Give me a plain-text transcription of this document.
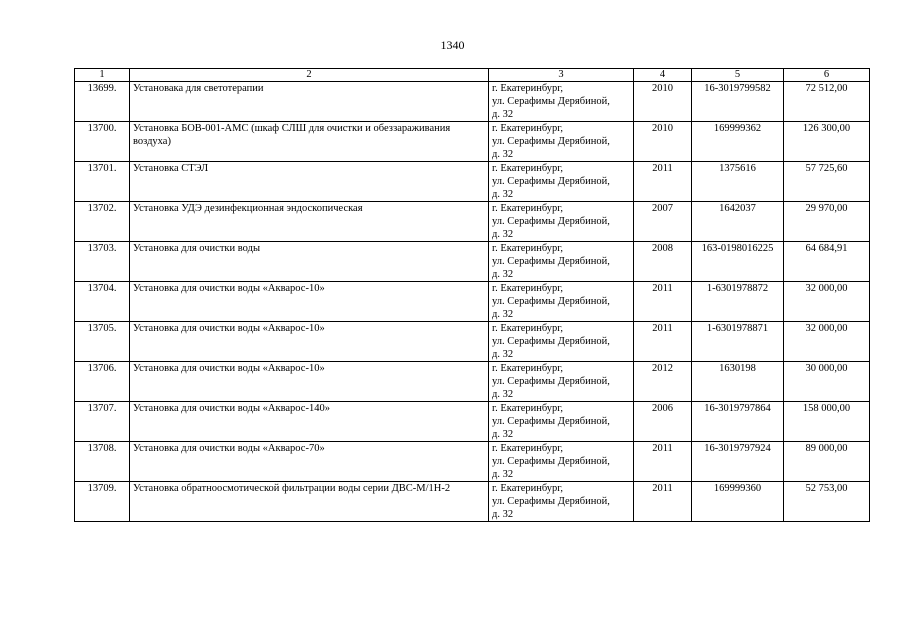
1340
1	2	3	4	5	6
13699.	Установака для светотерапии	г. Екатеринбург,
ул. Серафимы Дерябиной,
д. 32	2010	16-3019799582	72 512,00
13700.	Установка БОВ-001-АМС (шкаф СЛШ для очистки и обеззараживания воздуха)	г. Екатеринбург,
ул. Серафимы Дерябиной,
д. 32	2010	169999362	126 300,00
13701.	Установка СТЭЛ	г. Екатеринбург,
ул. Серафимы Дерябиной,
д. 32	2011	1375616	57 725,60
13702.	Установка УДЭ дезинфекционная эндоскопическая	г. Екатеринбург,
ул. Серафимы Дерябиной,
д. 32	2007	1642037	29 970,00
13703.	Установка для очистки воды	г. Екатеринбург,
ул. Серафимы Дерябиной,
д. 32	2008	163-0198016225	64 684,91
13704.	Установка для очистки воды «Акварос-10»	г. Екатеринбург,
ул. Серафимы Дерябиной,
д. 32	2011	1-6301978872	32 000,00
13705.	Установка для очистки воды «Акварос-10»	г. Екатеринбург,
ул. Серафимы Дерябиной,
д. 32	2011	1-6301978871	32 000,00
13706.	Установка для очистки воды «Акварос-10»	г. Екатеринбург,
ул. Серафимы Дерябиной,
д. 32	2012	1630198	30 000,00
13707.	Установка для очистки воды «Акварос-140»	г. Екатеринбург,
ул. Серафимы Дерябиной,
д. 32	2006	16-3019797864	158 000,00
13708.	Установка для очистки воды «Акварос-70»	г. Екатеринбург,
ул. Серафимы Дерябиной,
д. 32	2011	16-3019797924	89 000,00
13709.	Установка обратноосмотической фильтрации воды серии ДВС-М/1Н-2	г. Екатеринбург,
ул. Серафимы Дерябиной,
д. 32	2011	169999360	52 753,00
